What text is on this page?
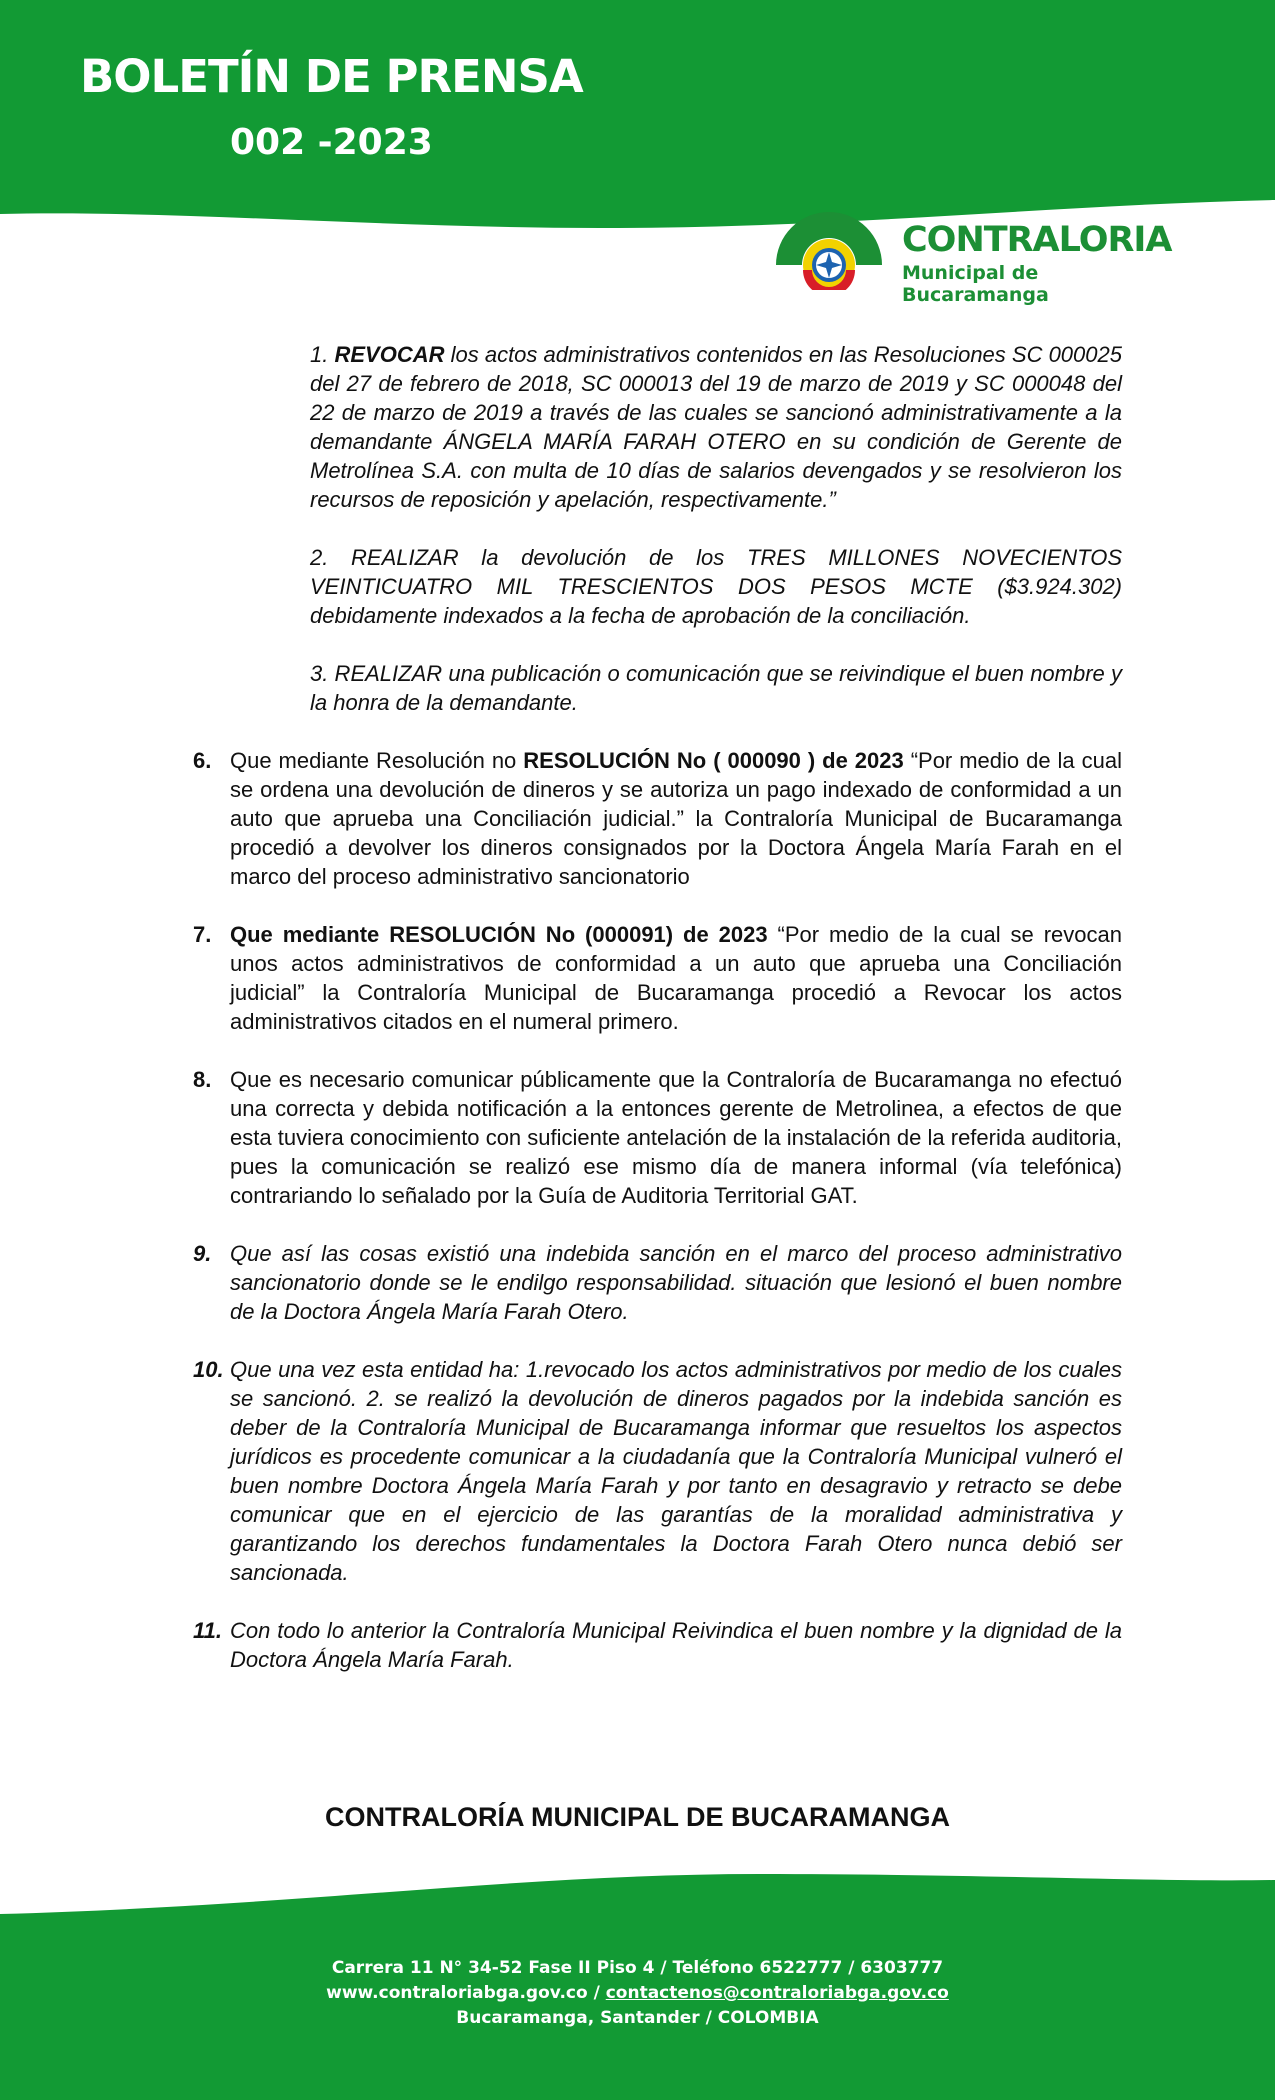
BOLETÍN DE PRENSA
002 -2023
CONTRALORIA
Municipal de Bucaramanga

1. REVOCAR los actos administrativos contenidos en las Resoluciones SC 000025 del 27 de febrero de 2018, SC 000013 del 19 de marzo de 2019 y SC 000048 del 22 de marzo de 2019 a través de las cuales se sancionó administrativamente a la demandante ÁNGELA MARÍA FARAH OTERO en su condición de Gerente de Metrolínea S.A. con multa de 10 días de salarios devengados y se resolvieron los recursos de reposición y apelación, respectivamente.”

2. REALIZAR la devolución de los TRES MILLONES NOVECIENTOS VEINTICUATRO MIL TRESCIENTOS DOS PESOS MCTE ($3.924.302) debidamente indexados a la fecha de aprobación de la conciliación.

3. REALIZAR una publicación o comunicación que se reivindique el buen nombre y la honra de la demandante.

6. Que mediante Resolución no RESOLUCIÓN No ( 000090 ) de 2023 “Por medio de la cual se ordena una devolución de dineros y se autoriza un pago indexado de conformidad a un auto que aprueba una Conciliación judicial.” la Contraloría Municipal de Bucaramanga procedió a devolver los dineros consignados por la Doctora Ángela María Farah en el marco del proceso administrativo sancionatorio
7. Que mediante RESOLUCIÓN No (000091) de 2023 “Por medio de la cual se revocan unos actos administrativos de conformidad a un auto que aprueba una Conciliación judicial” la Contraloría Municipal de Bucaramanga procedió a Revocar los actos administrativos citados en el numeral primero.
8. Que es necesario comunicar públicamente que la Contraloría de Bucaramanga no efectuó una correcta y debida notificación a la entonces gerente de Metrolinea, a efectos de que esta tuviera conocimiento con suficiente antelación de la instalación de la referida auditoria, pues la comunicación se realizó ese mismo día de manera informal (vía telefónica) contrariando lo señalado por la Guía de Auditoria Territorial GAT.
9. Que así las cosas existió una indebida sanción en el marco del proceso administrativo sancionatorio donde se le endilgo responsabilidad. situación que lesionó el buen nombre de la Doctora Ángela María Farah Otero.
10. Que una vez esta entidad ha: 1.revocado los actos administrativos por medio de los cuales se sancionó. 2. se realizó la devolución de dineros pagados por la indebida sanción es deber de la Contraloría Municipal de Bucaramanga informar que resueltos los aspectos jurídicos es procedente comunicar a la ciudadanía que la Contraloría Municipal vulneró el buen nombre Doctora Ángela María Farah y por tanto en desagravio y retracto se debe comunicar que en el ejercicio de las garantías de la moralidad administrativa y garantizando los derechos fundamentales la Doctora Farah Otero nunca debió ser sancionada.
11. Con todo lo anterior la Contraloría Municipal Reivindica el buen nombre y la dignidad de la Doctora Ángela María Farah.
CONTRALORÍA MUNICIPAL DE BUCARAMANGA
Carrera 11 N° 34-52 Fase II Piso 4 / Teléfono 6522777 / 6303777
www.contraloriabga.gov.co / contactenos@contraloriabga.gov.co
Bucaramanga, Santander / COLOMBIA
